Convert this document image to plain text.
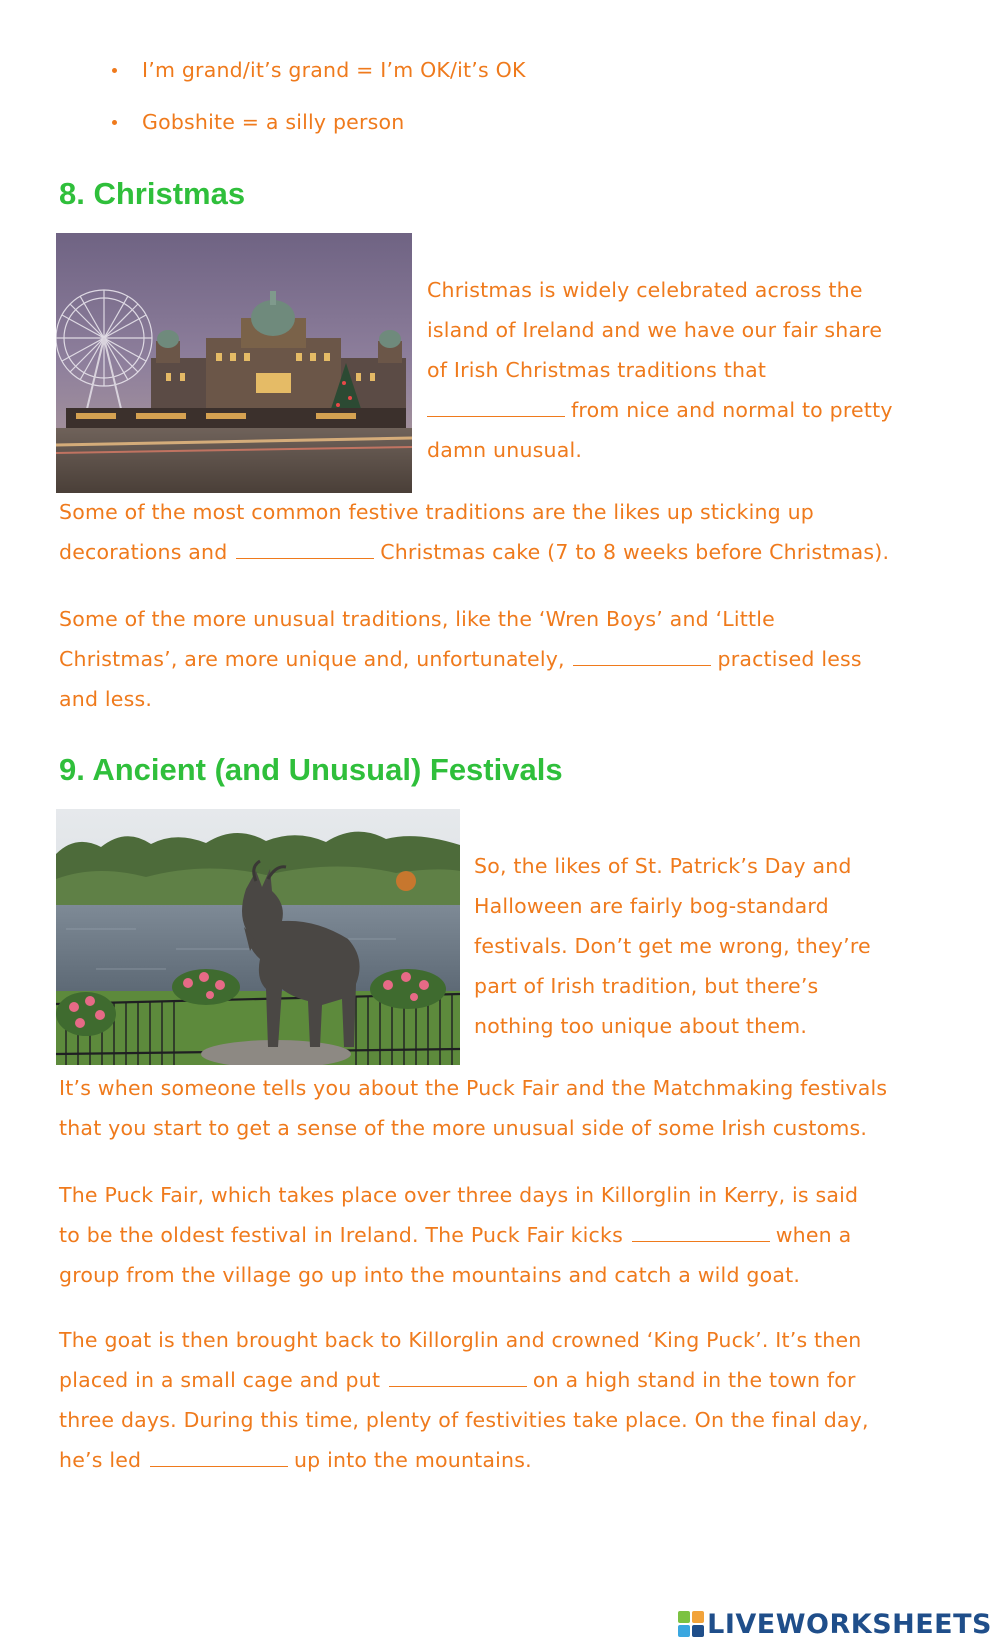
I’m grand/it’s grand = I’m OK/it’s OK
Gobshite = a silly person
8. Christmas
Christmas is widely celebrated across the
island of Ireland and we have our fair share
of Irish Christmas traditions that
from nice and normal to pretty
damn unusual.
Some of the most common festive traditions are the likes up sticking up
decorations and	Christmas cake (7 to 8 weeks before Christmas).
Some of the more unusual traditions, like the ‘Wren Boys’ and ‘Little
Christmas’, are more unique and, unfortunately,	practised less
and less.
9. Ancient (and Unusual) Festivals
So, the likes of St. Patrick’s Day and
Halloween are fairly bog-standard
festivals. Don’t get me wrong, they’re
part of Irish tradition, but there’s
nothing too unique about them.
It’s when someone tells you about the Puck Fair and the Matchmaking festivals
that you start to get a sense of the more unusual side of some Irish customs.
The Puck Fair, which takes place over three days in Killorglin in Kerry, is said
to be the oldest festival in Ireland. The Puck Fair kicks	when a
group from the village go up into the mountains and catch a wild goat.
The goat is then brought back to Killorglin and crowned ‘King Puck’. It’s then
placed in a small cage and put	on a high stand in the town for
three days. During this time, plenty of festivities take place. On the final day,
he’s led	up into the mountains.
LIVEWORKSHEETS
